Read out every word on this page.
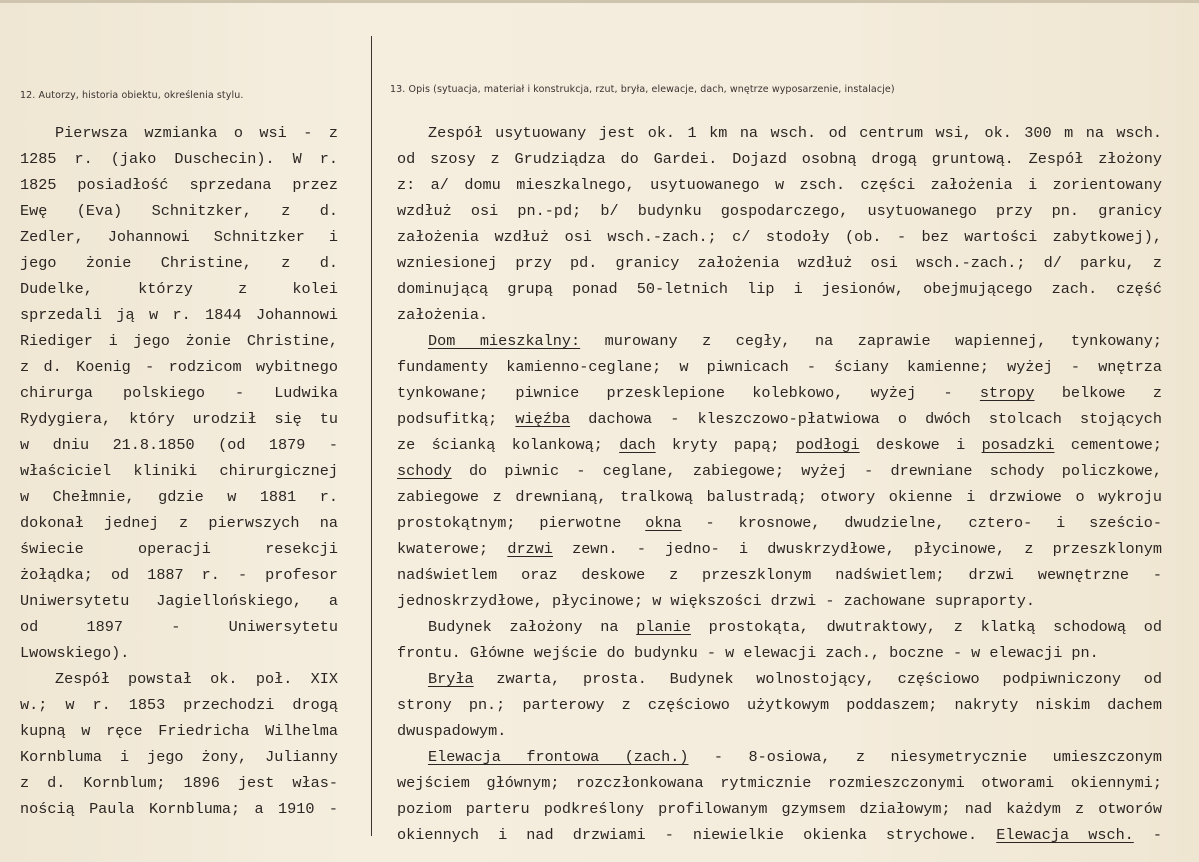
12. Autorzy, historia obiektu, określenia stylu.
13. Opis (sytuacja, materiał i konstrukcja, rzut, bryła, elewacje, dach, wnętrze wyposarzenie, instalacje)
Pierwsza wzmianka o wsi - z
1285 r. (jako Duschecin). W r.
1825 posiadłość sprzedana przez
Ewę (Eva) Schnitzker, z d.
Zedler, Johannowi Schnitzker i
jego żonie Christine, z d.
Dudelke, którzy z kolei
sprzedali ją w r. 1844 Johannowi
Riediger i jego żonie Christine,
z d. Koenig - rodzicom wybitnego
chirurga polskiego - Ludwika
Rydygiera, który urodził się tu
w dniu 21.8.1850 (od 1879 -
właściciel kliniki chirurgicznej
w Chełmnie, gdzie w 1881 r.
dokonał jednej z pierwszych na
świecie operacji resekcji
żołądka; od 1887 r. - profesor
Uniwersytetu Jagiellońskiego, a
od 1897 - Uniwersytetu
Lwowskiego).
Zespół powstał ok. poł. XIX
w.; w r. 1853 przechodzi drogą
kupną w ręce Friedricha Wilhelma
Kornbluma i jego żony, Julianny
z d. Kornblum; 1896 jest włas-
nością Paula Kornbluma; a 1910 -
Zespół usytuowany jest ok. 1 km na wsch. od centrum wsi, ok. 300 m na wsch.
od szosy z Grudziądza do Gardei. Dojazd osobną drogą gruntową. Zespół złożony
z: a/ domu mieszkalnego, usytuowanego w zsch. części założenia i zorientowany
wzdłuż osi pn.-pd; b/ budynku gospodarczego, usytuowanego przy pn. granicy
założenia wzdłuż osi wsch.-zach.; c/ stodoły (ob. - bez wartości zabytkowej),
wzniesionej przy pd. granicy założenia wzdłuż osi wsch.-zach.; d/ parku, z
dominującą grupą ponad 50-letnich lip i jesionów, obejmującego zach. część
założenia.
Dom mieszkalny: murowany z cegły, na zaprawie wapiennej, tynkowany;
fundamenty kamienno-ceglane; w piwnicach - ściany kamienne; wyżej - wnętrza
tynkowane; piwnice przesklepione kolebkowo, wyżej - stropy belkowe z
podsufitką; więźba dachowa - kleszczowo-płatwiowa o dwóch stolcach stojących
ze ścianką kolankową; dach kryty papą; podłogi deskowe i posadzki cementowe;
schody do piwnic - ceglane, zabiegowe; wyżej - drewniane schody policzkowe,
zabiegowe z drewnianą, tralkową balustradą; otwory okienne i drzwiowe o wykroju
prostokątnym; pierwotne okna - krosnowe, dwudzielne, cztero- i sześcio-
kwaterowe; drzwi zewn. - jedno- i dwuskrzydłowe, płycinowe, z przeszklonym
nadświetlem oraz deskowe z przeszklonym nadświetlem; drzwi wewnętrzne -
jednoskrzydłowe, płycinowe; w większości drzwi - zachowane supraporty.
Budynek założony na planie prostokąta, dwutraktowy, z klatką schodową od
frontu. Główne wejście do budynku - w elewacji zach., boczne - w elewacji pn.
Bryła zwarta, prosta. Budynek wolnostojący, częściowo podpiwniczony od
strony pn.; parterowy z częściowo użytkowym poddaszem; nakryty niskim dachem
dwuspadowym.
Elewacja frontowa (zach.) - 8-osiowa, z niesymetrycznie umieszczonym
wejściem głównym; rozczłonkowana rytmicznie rozmieszczonymi otworami okiennymi;
poziom parteru podkreślony profilowanym gzymsem działowym; nad każdym z otworów
okiennych i nad drzwiami - niewielkie okienka strychowe. Elewacja wsch. -
